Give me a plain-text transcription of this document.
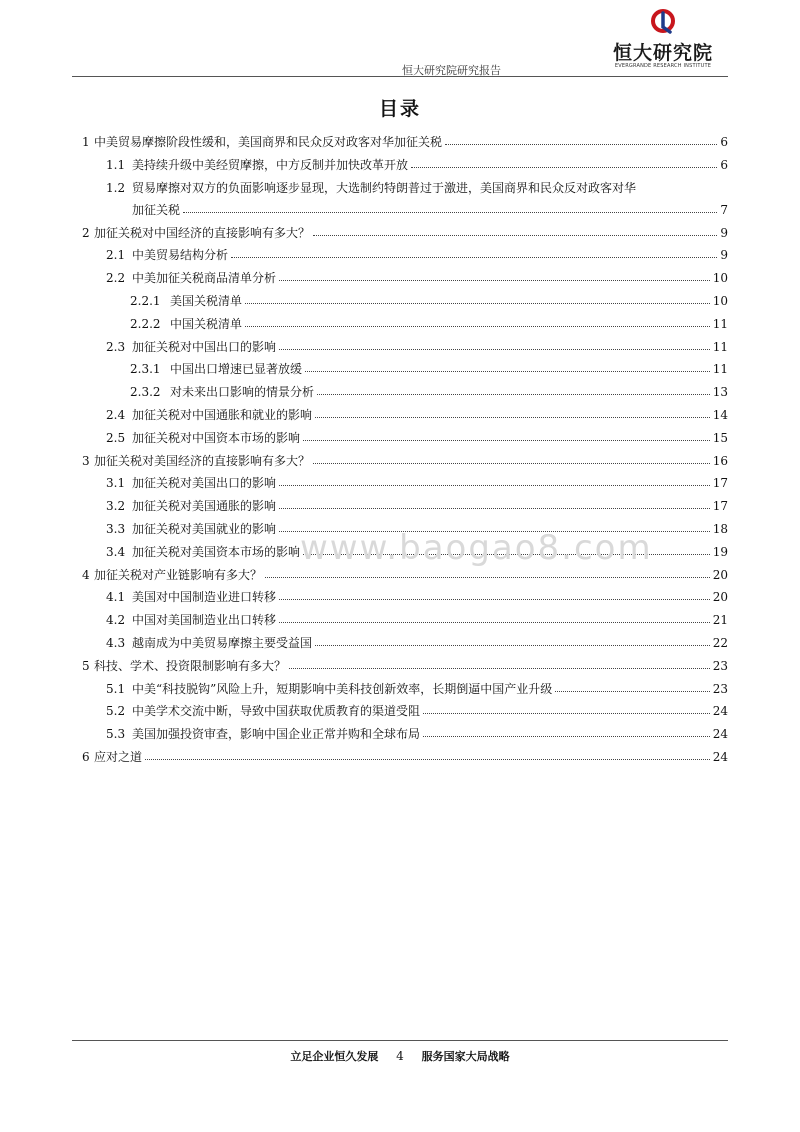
恒大研究院研究报告
恒大研究院
EVERGRANDE RESEARCH INSTITUTE
目录
1 中美贸易摩擦阶段性缓和，美国商界和民众反对政客对华加征关税	6
1.1 美持续升级中美经贸摩擦，中方反制并加快改革开放	6
1.2 贸易摩擦对双方的负面影响逐步显现，大选制约特朗普过于激进，美国商界和民众反对政客对华
加征关税	7
2 加征关税对中国经济的直接影响有多大？	9
2.1 中美贸易结构分析	9
2.2 中美加征关税商品清单分析	10
2.2.1 美国关税清单	10
2.2.2 中国关税清单	11
2.3 加征关税对中国出口的影响	11
2.3.1 中国出口增速已显著放缓	11
2.3.2 对未来出口影响的情景分析	13
2.4 加征关税对中国通胀和就业的影响	14
2.5 加征关税对中国资本市场的影响	15
3 加征关税对美国经济的直接影响有多大？	16
3.1 加征关税对美国出口的影响	17
3.2 加征关税对美国通胀的影响	17
3.3 加征关税对美国就业的影响	18
3.4 加征关税对美国资本市场的影响	19
4 加征关税对产业链影响有多大？	20
4.1 美国对中国制造业进口转移	20
4.2 中国对美国制造业出口转移	21
4.3 越南成为中美贸易摩擦主要受益国	22
5 科技、学术、投资限制影响有多大？	23
5.1 中美“科技脱钩”风险上升，短期影响中美科技创新效率，长期倒逼中国产业升级	23
5.2 中美学术交流中断，导致中国获取优质教育的渠道受阻	24
5.3 美国加强投资审查，影响中国企业正常并购和全球布局	24
6 应对之道	24
www.baogao8.com
立足企业恒久发展 4 服务国家大局战略
